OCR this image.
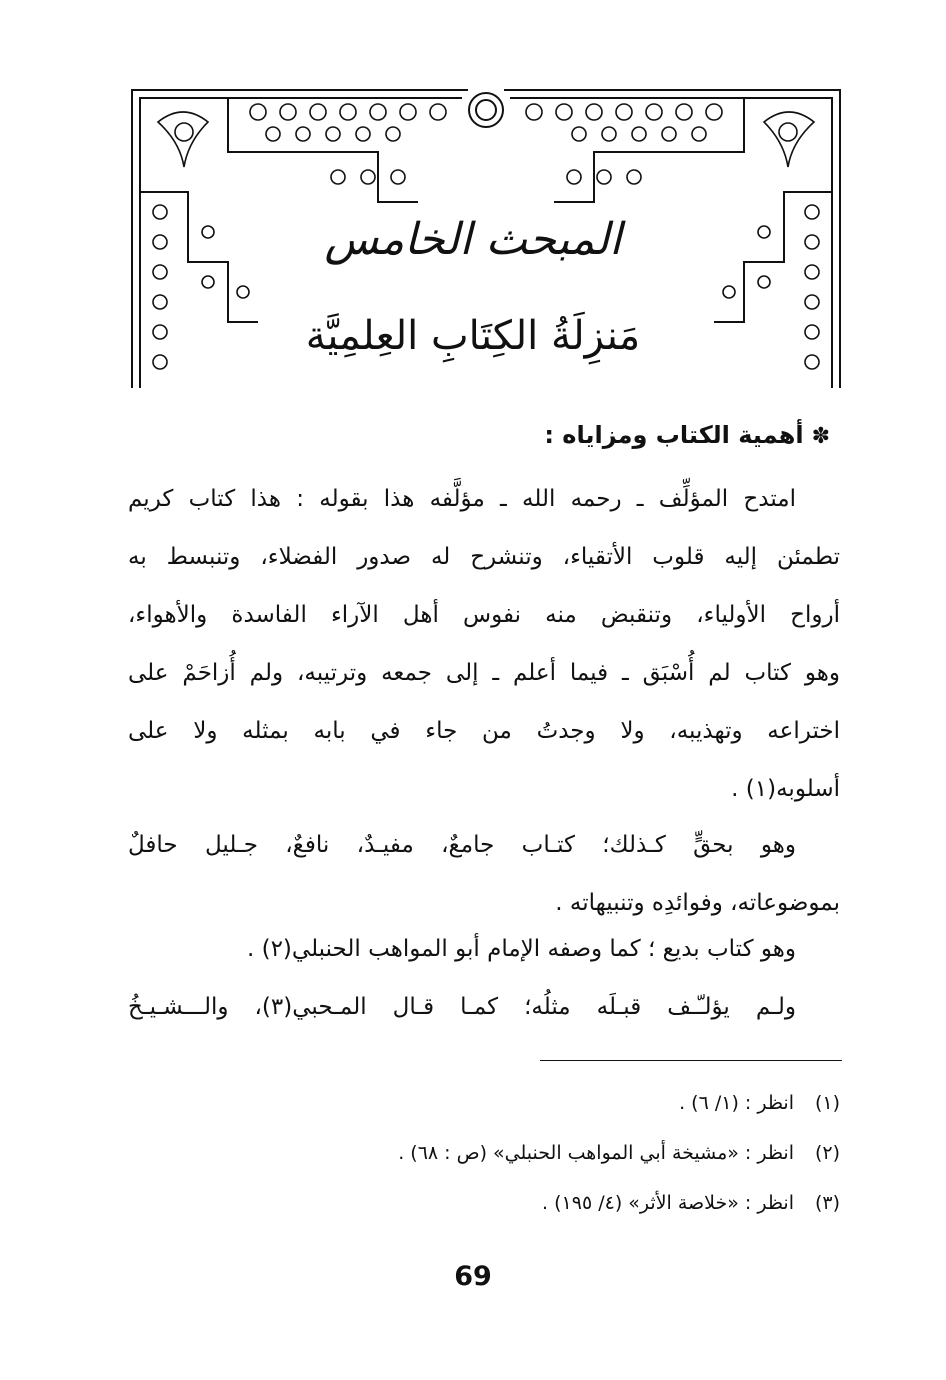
المبحث الخامس
مَنزِلَةُ الكِتَابِ العِلمِيَّة
✽أهمية الكتاب ومزاياه :
امتدح المؤلِّف ـ رحمه الله ـ مؤلَّفه هذا بقوله : هذا كتاب كريم
تطمئن إليه قلوب الأتقياء، وتنشرح له صدور الفضلاء، وتنبسط به
أرواح الأولياء، وتنقبض منه نفوس أهل الآراء الفاسدة والأهواء،
وهو كتاب لم أُسْبَق ـ فيما أعلم ـ إلى جمعه وترتيبه، ولم أُزاحَمْ على
اختراعه وتهذيبه، ولا وجدتُ من جاء في بابه بمثله ولا على
أسلوبه(١) .
وهو بحقٍّ كـذلك؛ كتـاب جامعٌ، مفيـدٌ، نافعٌ، جـليل حافلٌ
بموضوعاته، وفوائدِه وتنبيهاته .
وهو كتاب بديع ؛ كما وصفه الإمام أبو المواهب الحنبلي(٢) .
ولـم يؤلـّـف قبـلَه مثلُه؛ كمـا قـال المـحبي(٣)، والـــشـيـخُ
(١)انظر : (١/ ٦) .
(٢)انظر : «مشيخة أبي المواهب الحنبلي» (ص : ٦٨) .
(٣)انظر : «خلاصة الأثر» (٤/ ١٩٥) .
69
